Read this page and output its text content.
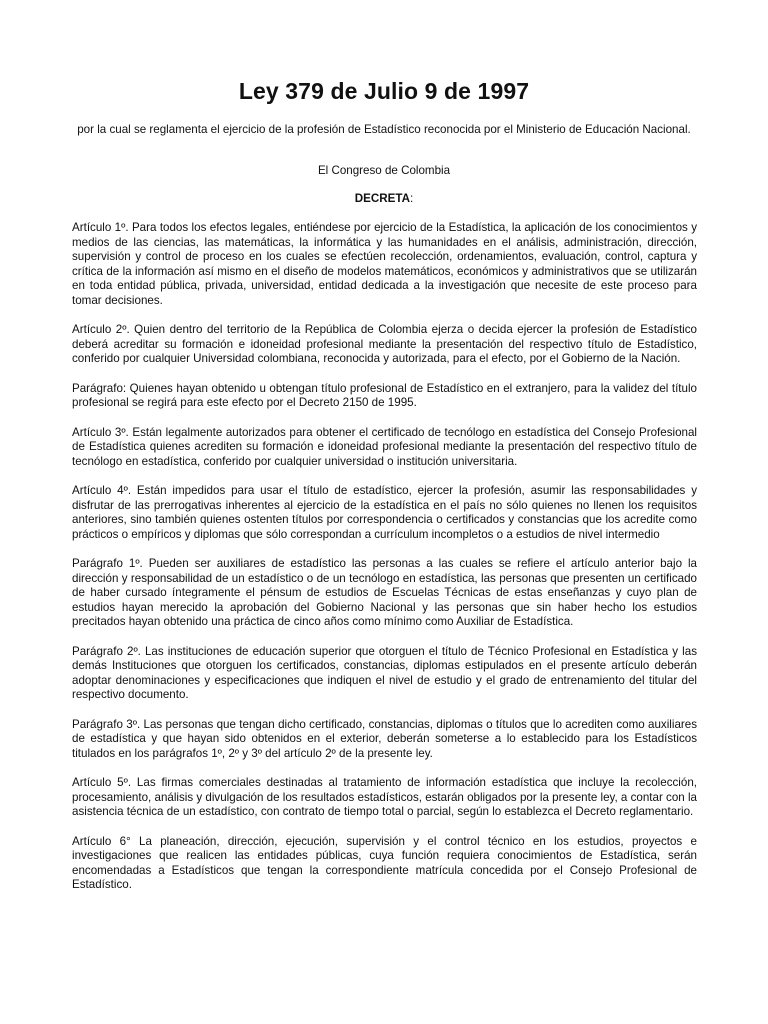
Ley 379 de Julio 9 de 1997

por la cual se reglamenta el ejercicio de la profesión de Estadístico reconocida por el Ministerio de Educación Nacional.

El Congreso de Colombia

DECRETA:

Artículo 1º. Para todos los efectos legales, entiéndese por ejercicio de la Estadística, la aplicación de los conocimientos y medios de las ciencias, las matemáticas, la informática y las humanidades en el análisis, administración, dirección, supervisión y control de proceso en los cuales se efectúen recolección, ordenamientos, evaluación, control, captura y crítica de la información así mismo en el diseño de modelos matemáticos, económicos y administrativos que se utilizarán en toda entidad pública, privada, universidad, entidad dedicada a la investigación que necesite de este proceso para tomar decisiones.

Artículo 2º. Quien dentro del territorio de la República de Colombia ejerza o decida ejercer la profesión de Estadístico deberá acreditar su formación e idoneidad profesional mediante la presentación del respectivo título de Estadístico, conferido por cualquier Universidad colombiana, reconocida y autorizada, para el efecto, por el Gobierno de la Nación.

Parágrafo: Quienes hayan obtenido u obtengan título profesional de Estadístico en el extranjero, para la validez del título profesional se regirá para este efecto por el Decreto 2150 de 1995.

Artículo 3º. Están legalmente autorizados para obtener el certificado de tecnólogo en estadística del Consejo Profesional de Estadística quienes acrediten su formación e idoneidad profesional mediante la presentación del respectivo título de tecnólogo en estadística, conferido por cualquier universidad o institución universitaria.

Artículo 4º. Están impedidos para usar el título de estadístico, ejercer la profesión, asumir las responsabilidades y disfrutar de las prerrogativas inherentes al ejercicio de la estadística en el país no sólo quienes no llenen los requisitos anteriores, sino también quienes ostenten títulos por correspondencia o certificados y constancias que los acredite como prácticos o empíricos y diplomas que sólo correspondan a currículum incompletos o a estudios de nivel intermedio

Parágrafo 1º. Pueden ser auxiliares de estadístico las personas a las cuales se refiere el artículo anterior bajo la dirección y responsabilidad de un estadístico o de un tecnólogo en estadística, las personas que presenten un certificado de haber cursado íntegramente el pénsum de estudios de Escuelas Técnicas de estas enseñanzas y cuyo plan de estudios hayan merecido la aprobación del Gobierno Nacional y las personas que sin haber hecho los estudios precitados hayan obtenido una práctica de cinco años como mínimo como Auxiliar de Estadística.

Parágrafo 2º. Las instituciones de educación superior que otorguen el título de Técnico Profesional en Estadística y las demás Instituciones que otorguen los certificados, constancias, diplomas estipulados en el presente artículo deberán adoptar denominaciones y especificaciones que indiquen el nivel de estudio y el grado de entrenamiento del titular del respectivo documento.

Parágrafo 3º. Las personas que tengan dicho certificado, constancias, diplomas o títulos que lo acrediten como auxiliares de estadística y que hayan sido obtenidos en el exterior, deberán someterse a lo establecido para los Estadísticos titulados en los parágrafos 1º, 2º y 3º del artículo 2º de la presente ley.

Artículo 5º. Las firmas comerciales destinadas al tratamiento de información estadística que incluye la recolección, procesamiento, análisis y divulgación de los resultados estadísticos, estarán obligados por la presente ley, a contar con la asistencia técnica de un estadístico, con contrato de tiempo total o parcial, según lo establezca el Decreto reglamentario.

Artículo 6° La planeación, dirección, ejecución, supervisión y el control técnico en los estudios, proyectos e investigaciones que realicen las entidades públicas, cuya función requiera conocimientos de Estadística, serán encomendadas a Estadísticos que tengan la correspondiente matrícula concedida por el Consejo Profesional de Estadístico.
